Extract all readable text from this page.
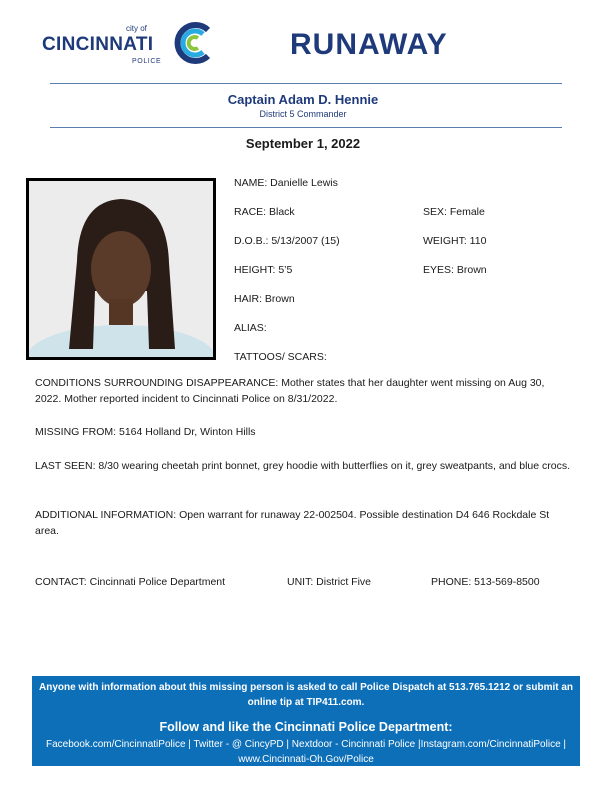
city of
CINCINNATI
POLICE
RUNAWAY
Captain Adam D. Hennie
District 5 Commander
September 1, 2022
NAME: Danielle Lewis
RACE: Black	SEX: Female
D.O.B.: 5/13/2007 (15)	WEIGHT: 110
HEIGHT: 5’5	EYES: Brown
HAIR: Brown
ALIAS:
TATTOOS/ SCARS:
CONDITIONS SURROUNDING DISAPPEARANCE: Mother states that her daughter went missing on Aug 30, 2022. Mother reported incident to Cincinnati Police on 8/31/2022.
MISSING FROM: 5164 Holland Dr, Winton Hills
LAST SEEN: 8/30 wearing cheetah print bonnet, grey hoodie with butterflies on it, grey sweatpants, and blue crocs.
ADDITIONAL INFORMATION: Open warrant for runaway 22-002504. Possible destination D4 646 Rockdale St area.
CONTACT: Cincinnati Police Department	UNIT: District Five	PHONE: 513-569-8500
Anyone with information about this missing person is asked to call Police Dispatch at 513.765.1212 or submit an online tip at TIP411.com.
Follow and like the Cincinnati Police Department:
Facebook.com/CincinnatiPolice | Twitter - @ CincyPD | Nextdoor - Cincinnati Police |Instagram.com/CincinnatiPolice | www.Cincinnati-Oh.Gov/Police
